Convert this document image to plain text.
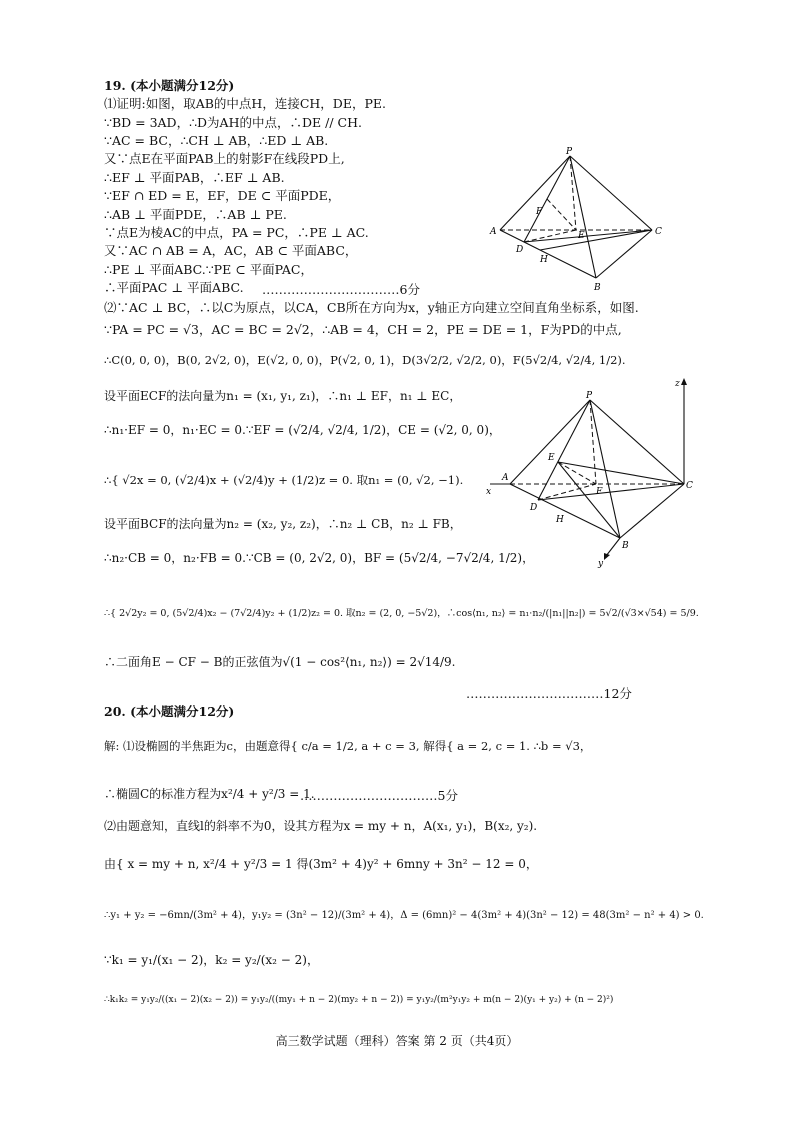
19. (本小题满分12分)
⑴证明:如图，取AB的中点H，连接CH，DE，PE.
∵BD = 3AD，∴D为AH的中点，∴DE // CH.
∵AC = BC，∴CH ⊥ AB，∴ED ⊥ AB.
又∵点E在平面PAB上的射影F在线段PD上,
∴EF ⊥ 平面PAB，∴EF ⊥ AB.
∵EF ∩ ED = E，EF，DE ⊂ 平面PDE，
∴AB ⊥ 平面PDE，∴AB ⊥ PE.
∵点E为棱AC的中点，PA = PC，∴PE ⊥ AC.
又∵AC ∩ AB = A，AC，AB ⊂ 平面ABC，
∴PE ⊥ 平面ABC.∵PE ⊂ 平面PAC，
∴平面PAC ⊥ 平面ABC. ……………………………6分
⑵∵AC ⊥ BC，∴以C为原点，以CA，CB所在方向为x，y轴正方向建立空间直角坐标系，如图.
∵PA = PC = √3，AC = BC = 2√2，∴AB = 4，CH = 2，PE = DE = 1，F为PD的中点,
∴C(0, 0, 0)，B(0, 2√2, 0)，E(√2, 0, 0)，P(√2, 0, 1)，D(3√2/2, √2/2, 0)，F(5√2/4, √2/4, 1/2).
设平面ECF的法向量为n₁ = (x₁, y₁, z₁)，∴n₁ ⊥ EF，n₁ ⊥ EC，
∴n₁·EF = 0，n₁·EC = 0.∵EF = (√2/4, √2/4, 1/2)，CE = (√2, 0, 0)，
∴{ √2x = 0, (√2/4)x + (√2/4)y + (1/2)z = 0. 取n₁ = (0, √2, −1).
设平面BCF的法向量为n₂ = (x₂, y₂, z₂)，∴n₂ ⊥ CB，n₂ ⊥ FB，
∴n₂·CB = 0，n₂·FB = 0.∵CB = (0, 2√2, 0)，BF = (5√2/4, −7√2/4, 1/2)，
∴{ 2√2y₂ = 0, (5√2/4)x₂ − (7√2/4)y₂ + (1/2)z₂ = 0. 取n₂ = (2, 0, −5√2)，∴cos⟨n₁, n₂⟩ = n₁·n₂/(|n₁||n₂|) = 5√2/(√3×√54) = 5/9.
∴二面角E − CF − B的正弦值为√(1 − cos²⟨n₁, n₂⟩) = 2√14/9.
……………………………12分
20. (本小题满分12分)
解: ⑴设椭圆的半焦距为c，由题意得{ c/a = 1/2, a + c = 3, 解得{ a = 2, c = 1. ∴b = √3，
∴椭圆C的标准方程为x²/4 + y²/3 = 1.
……………………………5分
⑵由题意知，直线l的斜率不为0，设其方程为x = my + n，A(x₁, y₁)，B(x₂, y₂).
由{ x = my + n, x²/4 + y²/3 = 1 得(3m² + 4)y² + 6mny + 3n² − 12 = 0，
∴y₁ + y₂ = −6mn/(3m² + 4)，y₁y₂ = (3n² − 12)/(3m² + 4)，Δ = (6mn)² − 4(3m² + 4)(3n² − 12) = 48(3m² − n² + 4) > 0.
∵k₁ = y₁/(x₁ − 2)，k₂ = y₂/(x₂ − 2)，
∴k₁k₂ = y₁y₂/((x₁ − 2)(x₂ − 2)) = y₁y₂/((my₁ + n − 2)(my₂ + n − 2)) = y₁y₂/(m²y₁y₂ + m(n − 2)(y₁ + y₂) + (n − 2)²)
P
F
A	E	C
D
H
B
P
z
E
A
x	F
C
D
H
B
y
高三数学试题（理科）答案 第 2 页（共4页）
